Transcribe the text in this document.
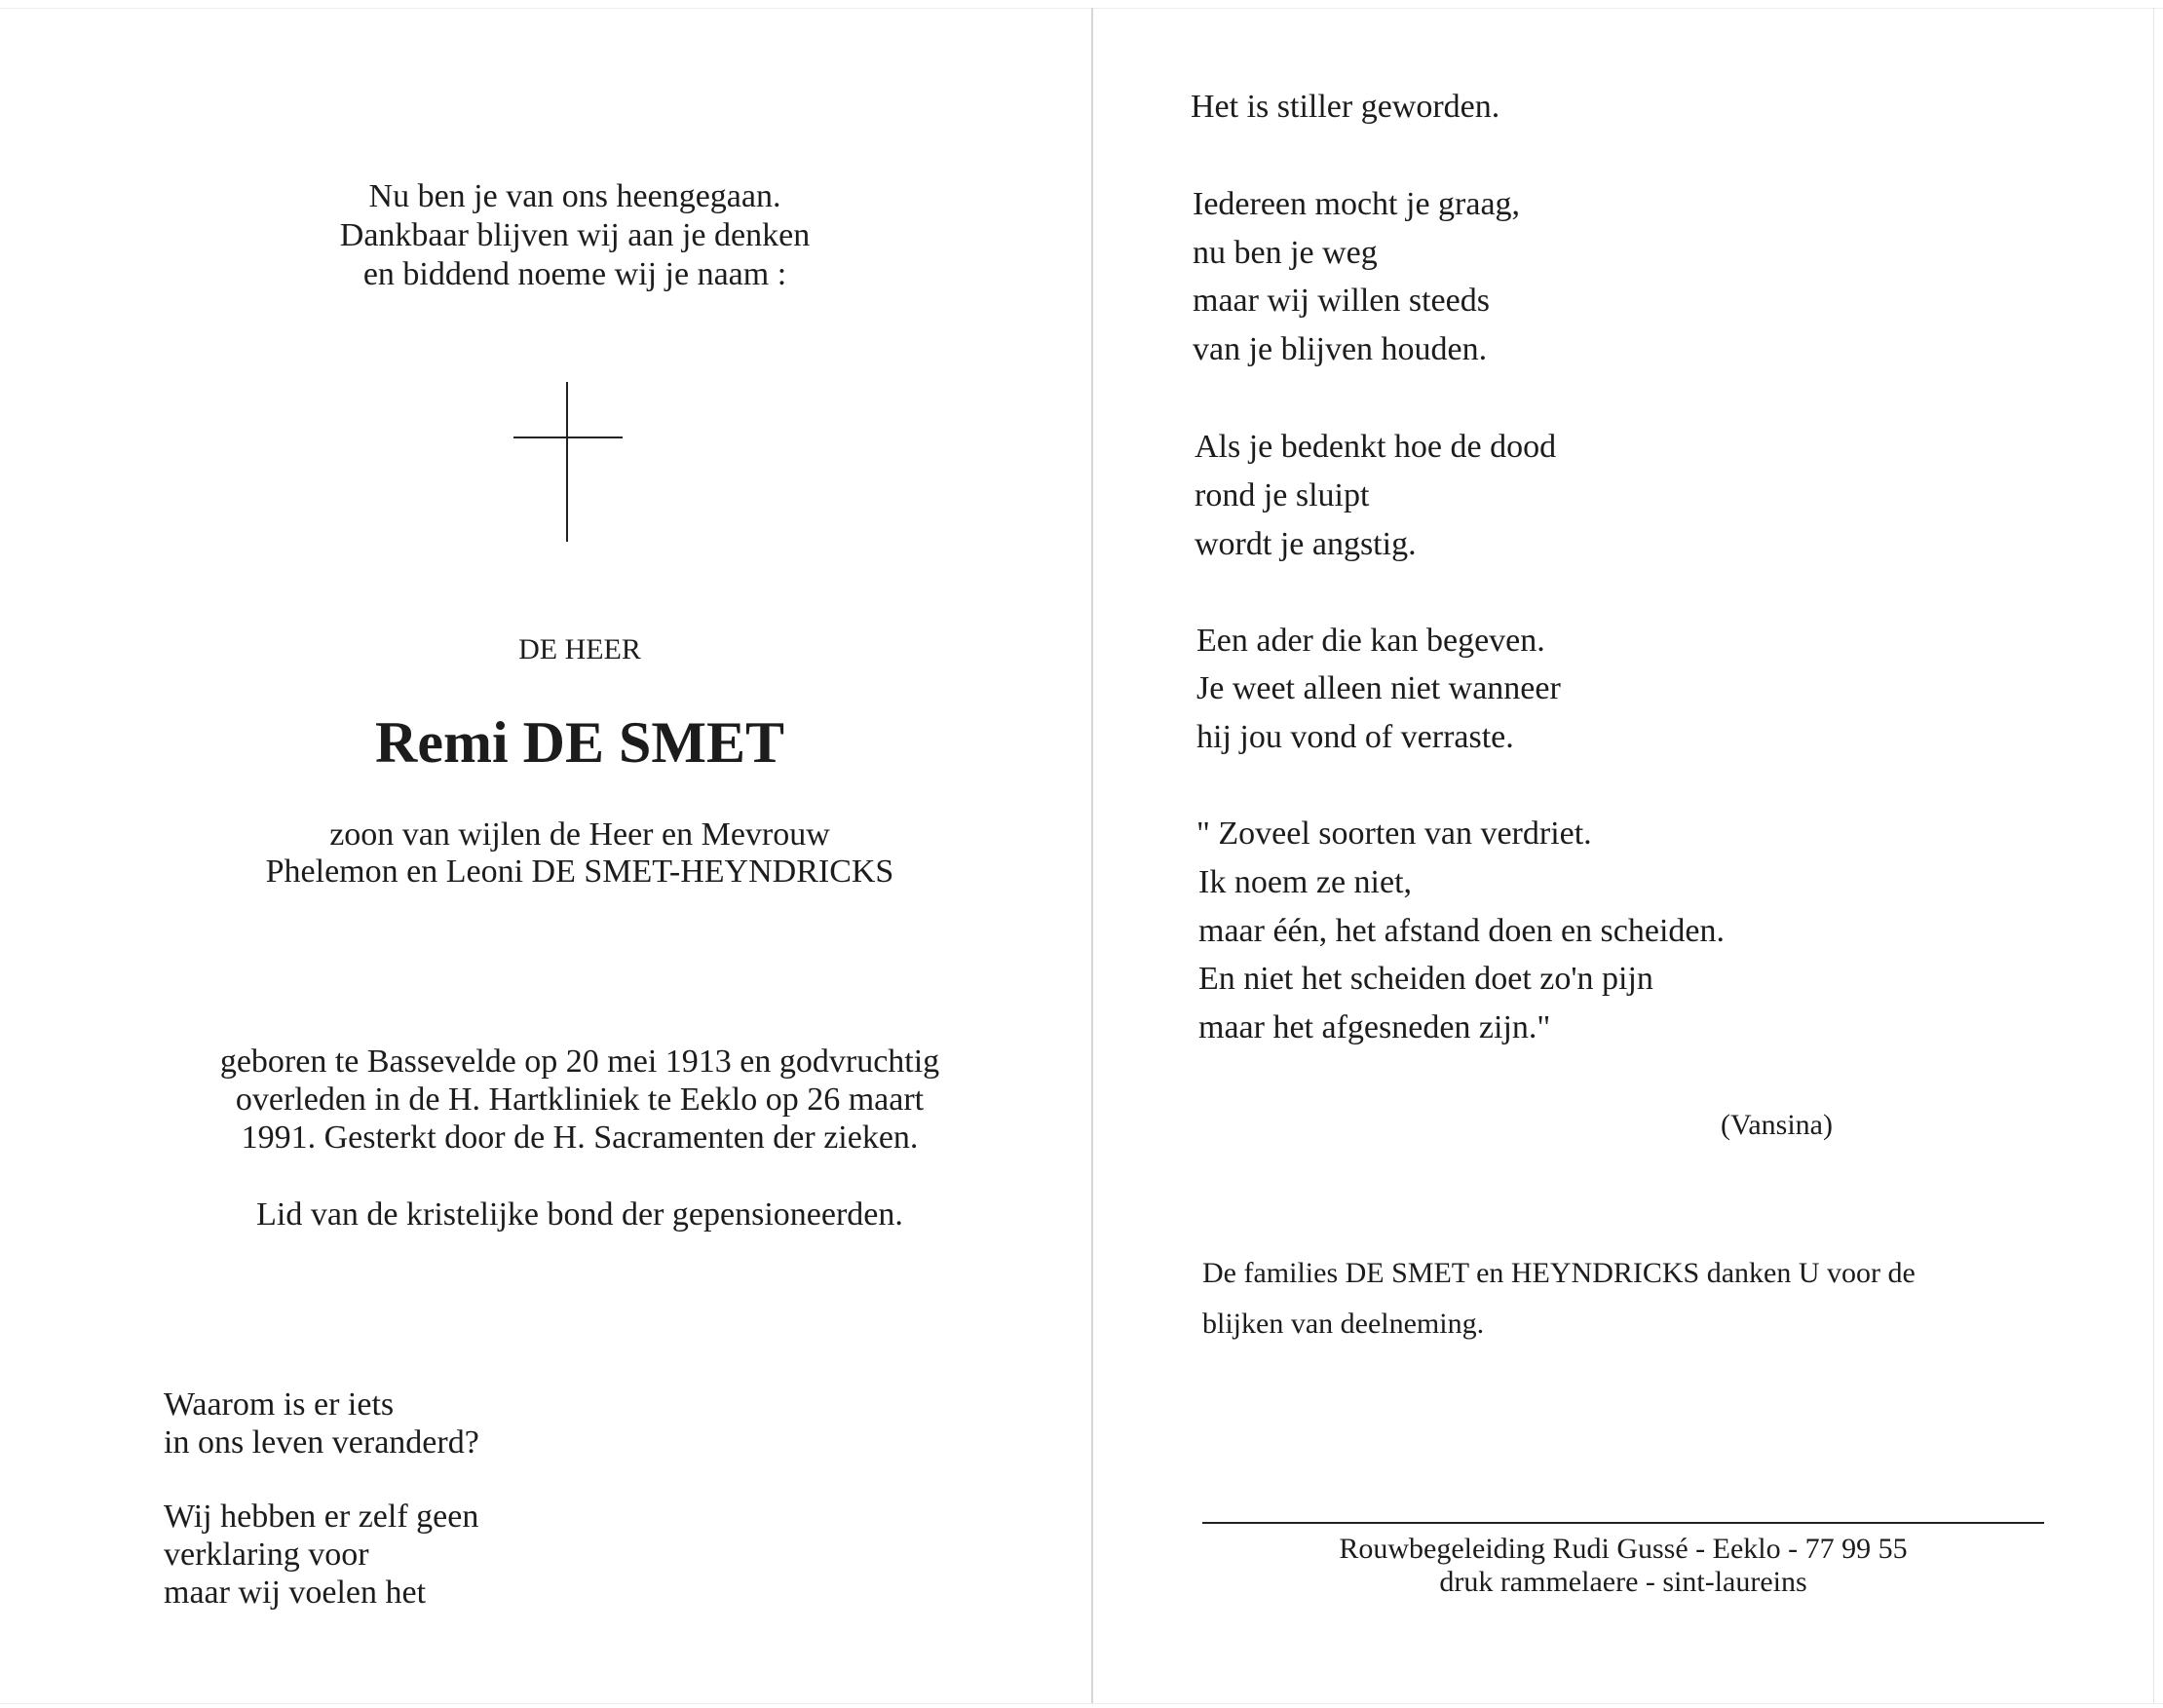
Nu ben je van ons heengegaan.
Dankbaar blijven wij aan je denken
en biddend noeme wij je naam :
DE HEER
Remi DE SMET
zoon van wijlen de Heer en Mevrouw
Phelemon en Leoni DE SMET-HEYNDRICKS
geboren te Bassevelde op 20 mei 1913 en godvruchtig
overleden in de H. Hartkliniek te Eeklo op 26 maart
1991. Gesterkt door de H. Sacramenten der zieken.
Lid van de kristelijke bond der gepensioneerden.
Waarom is er iets
in ons leven veranderd?
Wij hebben er zelf geen
verklaring voor
maar wij voelen het
Het is stiller geworden.
Iedereen mocht je graag,
nu ben je weg
maar wij willen steeds
van je blijven houden.
Als je bedenkt hoe de dood
rond je sluipt
wordt je angstig.
Een ader die kan begeven.
Je weet alleen niet wanneer
hij jou vond of verraste.
" Zoveel soorten van verdriet.
Ik noem ze niet,
maar één, het afstand doen en scheiden.
En niet het scheiden doet zo'n pijn
maar het afgesneden zijn."
(Vansina)
De families DE SMET en HEYNDRICKS danken U voor de
blijken van deelneming.
Rouwbegeleiding Rudi Gussé - Eeklo - 77 99 55
druk rammelaere - sint-laureins
